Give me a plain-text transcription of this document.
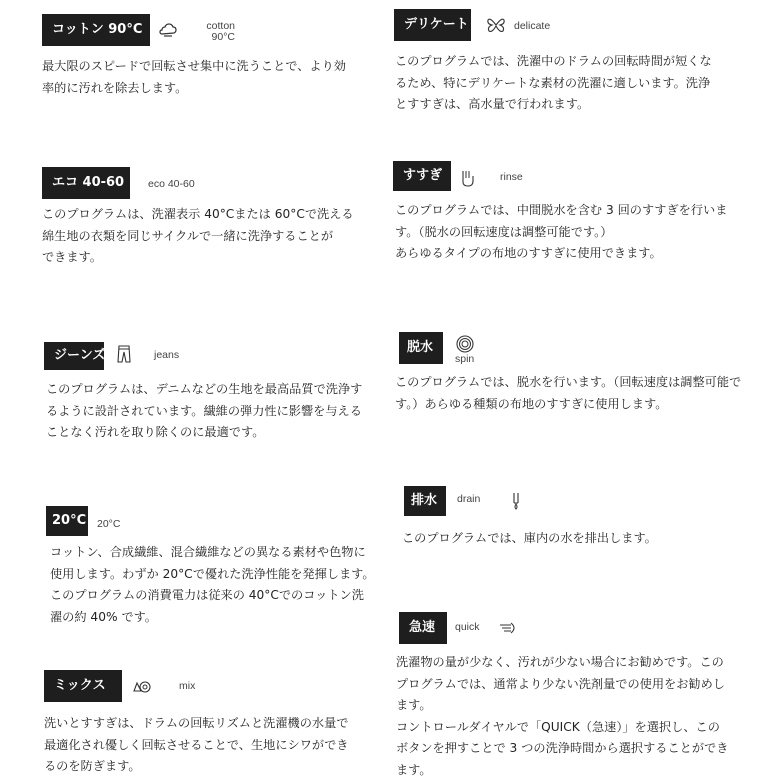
コットン 90°C	cotton
90°C

最大限のスピードで回転させ集中に洗うことで、より効
率的に汚れを除去します。

エコ 40-60	eco 40-60

このプログラムは、洗濯表示 40°Cまたは 60°Cで洗える
綿生地の衣類を同じサイクルで一緒に洗浄することが
できます。

ジーンズ	jeans

このプログラムは、デニムなどの生地を最高品質で洗浄す
るように設計されています。繊維の弾力性に影響を与える
ことなく汚れを取り除くのに最適です。

20°C 20°C

コットン、合成繊維、混合繊維などの異なる素材や色物に
使用します。わずか 20°Cで優れた洗浄性能を発揮します。
このプログラムの消費電力は従来の 40°Cでのコットン洗
濯の約 40% です。

ミックス	mix

洗いとすすぎは、ドラムの回転リズムと洗濯機の水量で
最適化され優しく回転させることで、生地にシワができ
るのを防ぎます。

デリケート	delicate

このプログラムでは、洗濯中のドラムの回転時間が短くな
るため、特にデリケートな素材の洗濯に適しいます。洗浄
とすすぎは、高水量で行われます。

すすぎ	rinse

このプログラムでは、中間脱水を含む 3 回のすすぎを行いま
す。（脱水の回転速度は調整可能です。）
あらゆるタイプの布地のすすぎに使用できます。

脱水
spin

このプログラムでは、脱水を行います。（回転速度は調整可能で
す。）あらゆる種類の布地のすすぎに使用します。

排水	drain

このプログラムでは、庫内の水を排出します。

急速	quick

洗濯物の量が少なく、汚れが少ない場合にお勧めです。この
プログラムでは、通常より少ない洗剤量での使用をお勧めし
ます。
コントロールダイヤルで「QUICK（急速）」を選択し、この
ボタンを押すことで 3 つの洗浄時間から選択することができ
ます。
